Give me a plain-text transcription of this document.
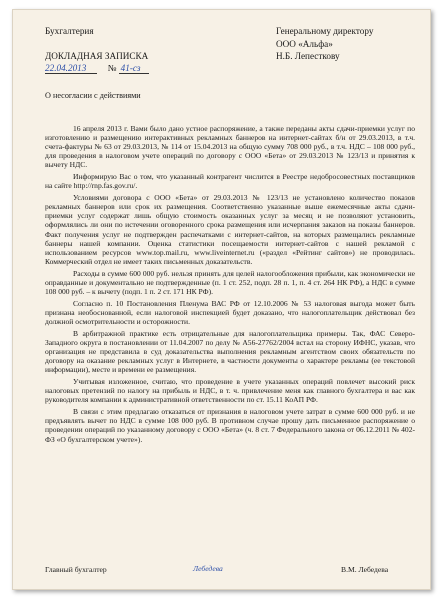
Бухгалтерия
ДОКЛАДНАЯ ЗАПИСКА
22.04.2013 № 41-сз
Генеральному директору
ООО «Альфа»
Н.Б. Лепесткову
О несогласии с действиями

16 апреля 2013 г. Вами было дано устное распоряжение, а также переданы акты сдачи-приемки услуг по изготовлению и размещению интерактивных рекламных баннеров на интернет-сайтах б/н от 29.03.2013, в т.ч. счета-фактуры № 63 от 29.03.2013, № 114 от 15.04.2013 на общую сумму 708 000 руб., в т.ч. НДС – 108 000 руб., для проведения в налоговом учете операций по договору с ООО «Бета» от 29.03.2013 № 123/13 и принятия к вычету НДС.

Информирую Вас о том, что указанный контрагент числится в Реестре недобросовестных поставщиков на сайте http://rnp.fas.gov.ru/.

Условиями договора с ООО «Бета» от 29.03.2013 № 123/13 не установлено количество показов рекламных баннеров или срок их размещения. Соответственно указанные выше ежемесячные акты сдачи-приемки услуг содержат лишь общую стоимость оказанных услуг за месяц и не позволяют установить, оформлялись ли они по истечении оговоренного срока размещения или исчерпания заказов на показы баннеров. Факт получения услуг не подтвержден распечатками с интернет-сайтов, на которых размещались рекламные баннеры нашей компании. Оценка статистики посещаемости интернет-сайтов с нашей рекламой с использованием ресурсов www.top.mail.ru, www.liveinternet.ru («раздел «Рейтинг сайтов») не проводилась. Коммерческий отдел не имеет таких письменных доказательств.

Расходы в сумме 600 000 руб. нельзя принять для целей налогообложения прибыли, как экономически не оправданные и документально не подтвержденные (п. 1 ст. 252, подп. 28 п. 1, п. 4 ст. 264 НК РФ), а НДС в сумме 108 000 руб. – к вычету (подп. 1 п. 2 ст. 171 НК РФ).

Согласно п. 10 Постановления Пленума ВАС РФ от 12.10.2006 № 53 налоговая выгода может быть признана необоснованной, если налоговой инспекцией будет доказано, что налогоплательщик действовал без должной осмотрительности и осторожности.

В арбитражной практике есть отрицательные для налогоплательщика примеры. Так, ФАС Северо-Западного округа в постановлении от 11.04.2007 по делу № А56-27762/2004 встал на сторону ИФНС, указав, что организация не представила в суд доказательства выполнения рекламным агентством своих обязательств по договору на оказание рекламных услуг в Интернете, в частности документы о характере рекламы (ее текстовой информации), месте и времени ее размещения.

Учитывая изложенное, считаю, что проведение в учете указанных операций повлечет высокий риск налоговых претензий по налогу на прибыль и НДС, в т. ч. привлечение меня как главного бухгалтера и вас как руководителя компании к административной ответственности по ст. 15.11 КоАП РФ.

В связи с этим предлагаю отказаться от признания в налоговом учете затрат в сумме 600 000 руб. и не предъявлять вычет по НДС в сумме 108 000 руб. В противном случае прошу дать письменное распоряжение о проведении операций по указанному договору с ООО «Бета» (ч. 8 ст. 7 Федерального закона от 06.12.2011 № 402-ФЗ «О бухгалтерском учете»).

Главный бухгалтер	Лебедева	В.М. Лебедева
